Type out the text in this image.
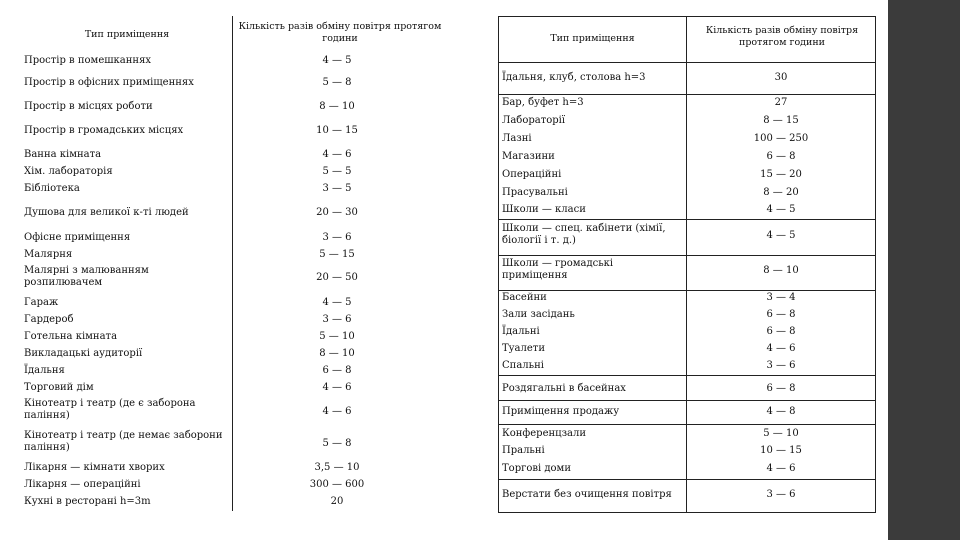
Тип приміщення
Кількість разів обміну повітря протягом години
Простір в помешканнях	4 — 5
Простір в офісних приміщеннях	5 — 8
Простір в місцях роботи	8 — 10
Простір в громадських місцях	10 — 15
Ванна кімната	4 — 6
Хім. лабораторія	5 — 5
Бібліотека	3 — 5
Душова для великої к-ті людей	20 — 30
Офісне приміщення	3 — 6
Малярня	5 — 15
Малярні з малюванням розпилювачем	20 — 50
Гараж	4 — 5
Гардероб	3 — 6
Готельна кімната	5 — 10
Викладацькі аудиторії	8 — 10
Їдальня	6 — 8
Торговий дім	4 — 6
Кінотеатр і театр (де є заборона паління)	4 — 6
Кінотеатр і театр (де немає заборони паління)	5 — 8
Лікарня — кімнати хворих	3,5 — 10
Лікарня — операційні	300 — 600
Кухні в ресторані h=3m	20
Тип приміщення
Кількість разів обміну повітря протягом години
Їдальня, клуб, столова h=3	30
Бар, буфет h=3	27
Лабораторії	8 — 15
Лазні	100 — 250
Магазини	6 — 8
Операційні	15 — 20
Прасувальні	8 — 20
Школи — класи	4 — 5
Школи — спец. кабінети (хімії, біології і т. д.)	4 — 5
Школи — громадські приміщення	8 — 10
Басейни	3 — 4
Зали засідань	6 — 8
Їдальні	6 — 8
Туалети	4 — 6
Спальні	3 — 6
Роздягальні в басейнах	6 — 8
Приміщення продажу	4 — 8
Конференцзали	5 — 10
Пральні	10 — 15
Торгові доми	4 — 6
Верстати без очищення повітря	3 — 6
